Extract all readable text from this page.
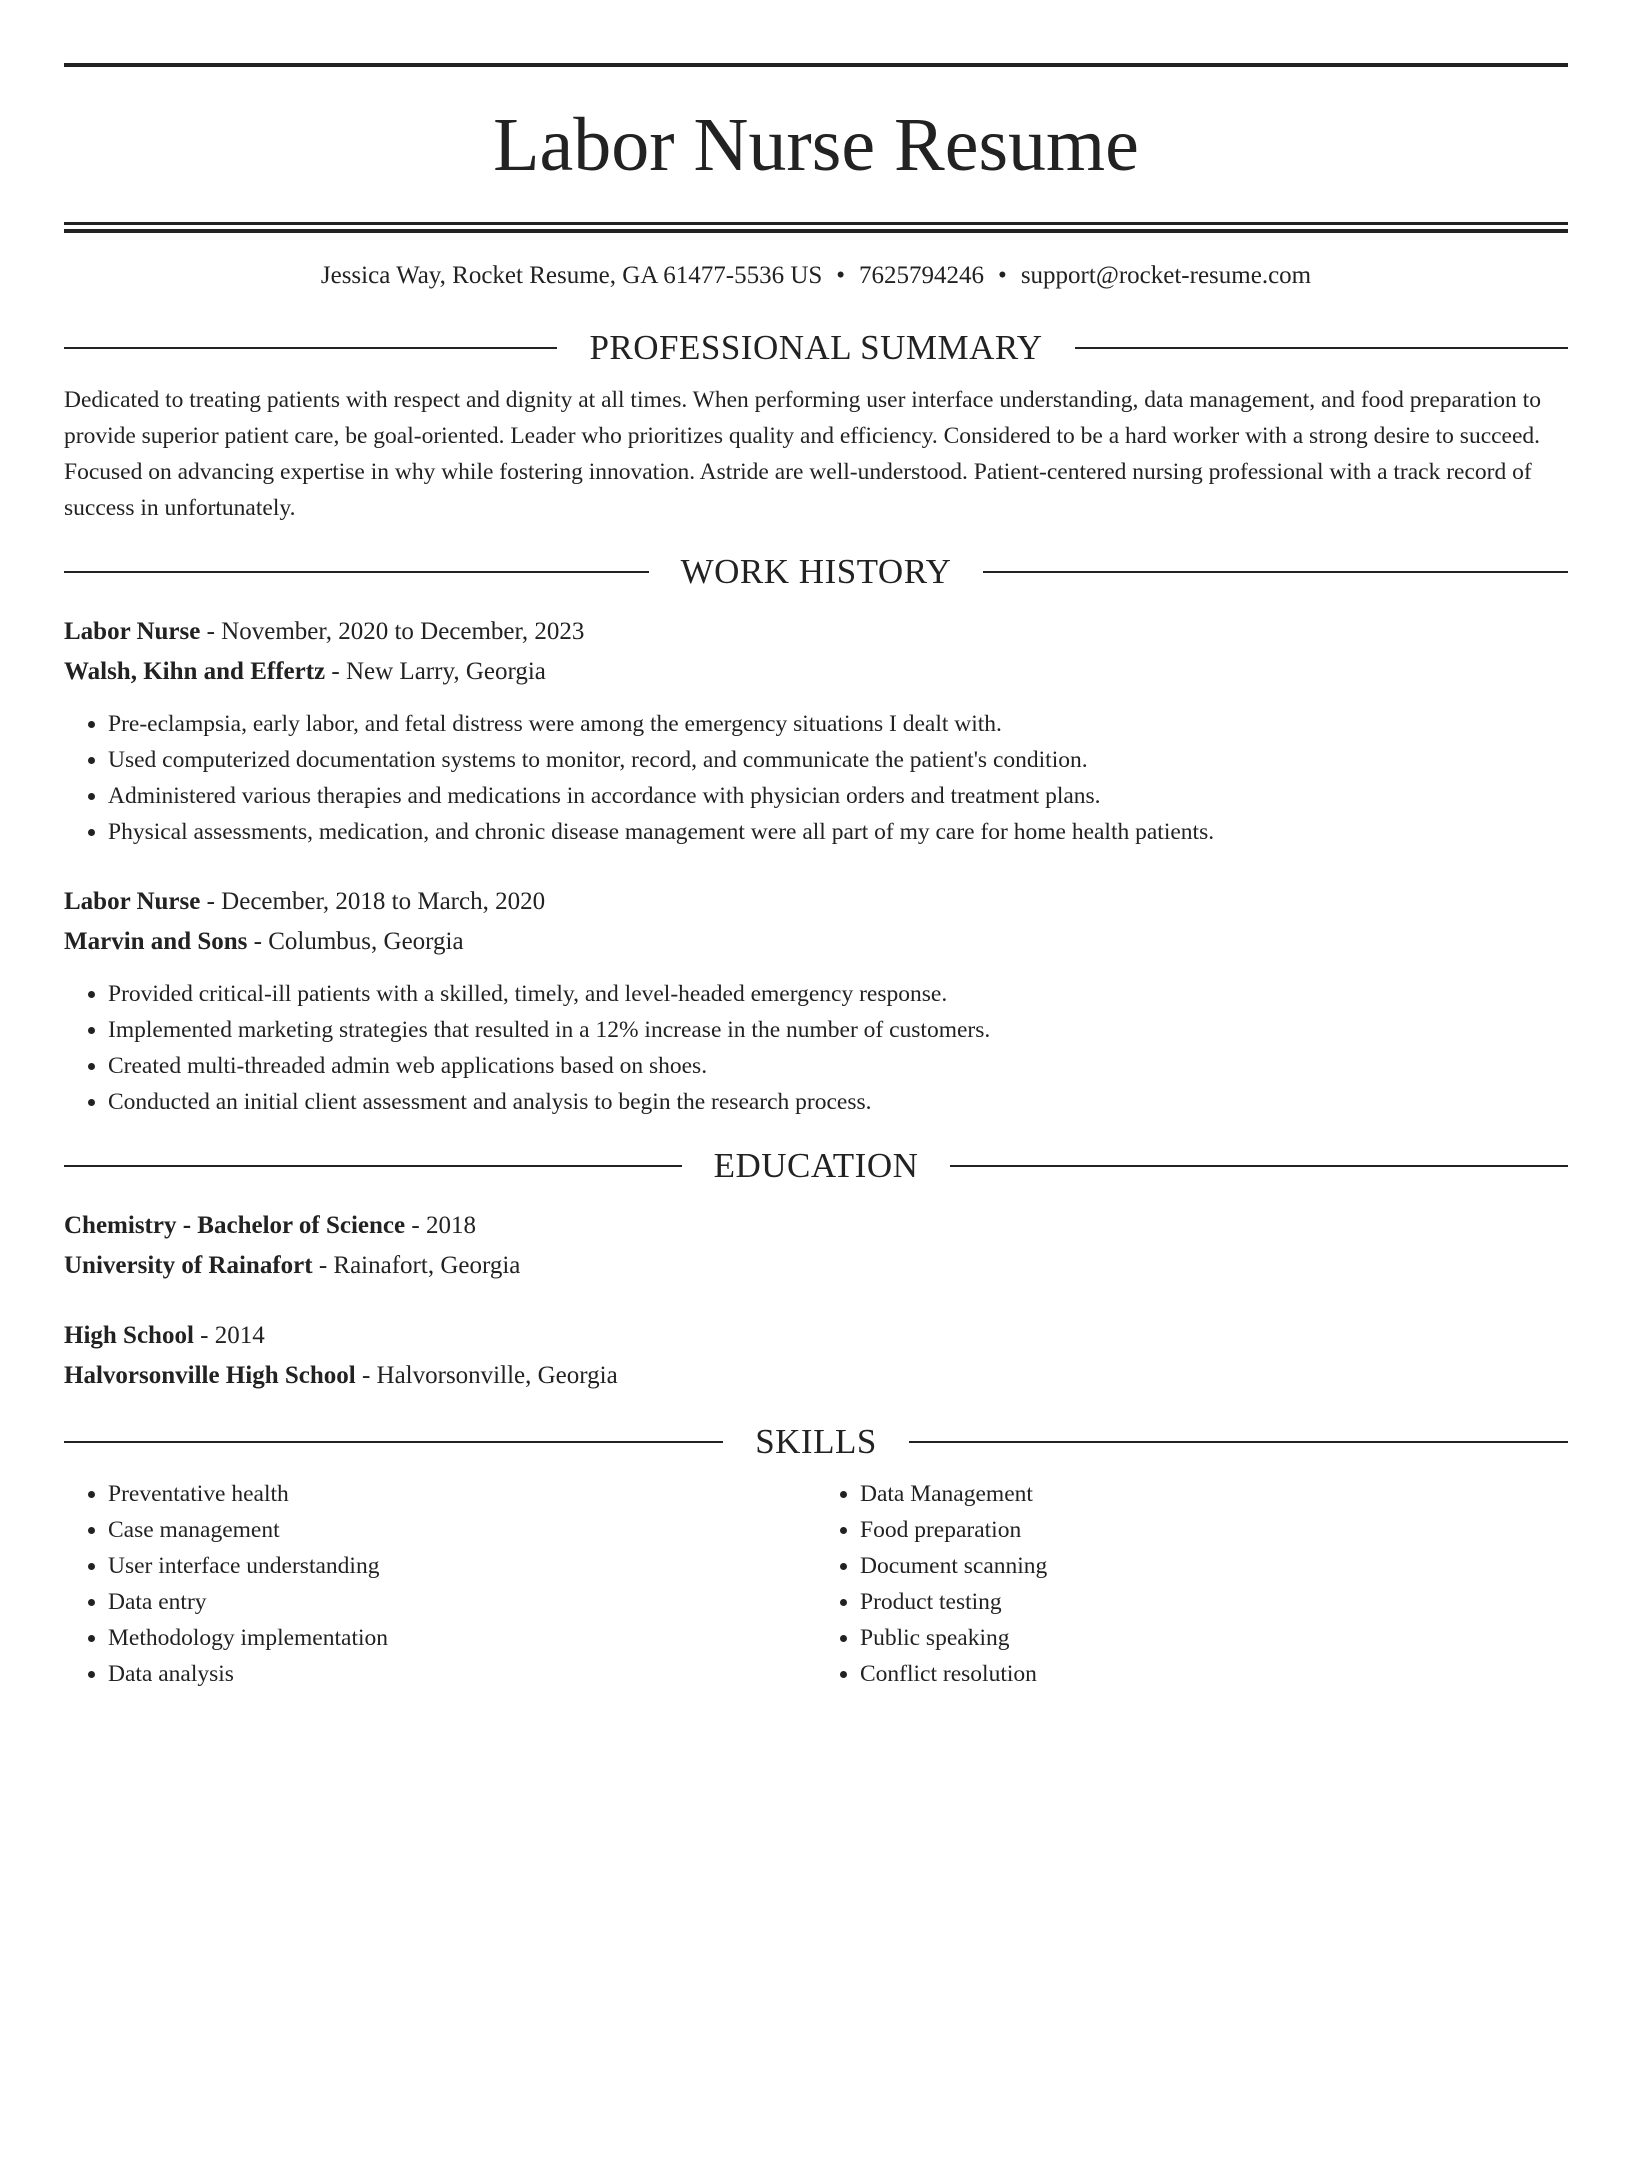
Labor Nurse Resume
Jessica Way, Rocket Resume, GA 61477-5536 US • 7625794246 • support@rocket-resume.com
PROFESSIONAL SUMMARY

Dedicated to treating patients with respect and dignity at all times. When performing user interface understanding, data management, and food preparation to provide superior patient care, be goal-oriented. Leader who prioritizes quality and efficiency. Considered to be a hard worker with a strong desire to succeed. Focused on advancing expertise in why while fostering innovation. Astride are well-understood. Patient-centered nursing professional with a track record of success in unfortunately.

WORK HISTORY

Labor Nurse - November, 2020 to December, 2023

Walsh, Kihn and Effertz - New Larry, Georgia

• Pre-eclampsia, early labor, and fetal distress were among the emergency situations I dealt with.
• Used computerized documentation systems to monitor, record, and communicate the patient's condition.
• Administered various therapies and medications in accordance with physician orders and treatment plans.
• Physical assessments, medication, and chronic disease management were all part of my care for home health patients.

Labor Nurse - December, 2018 to March, 2020

Marvin and Sons - Columbus, Georgia

• Provided critical-ill patients with a skilled, timely, and level-headed emergency response.
• Implemented marketing strategies that resulted in a 12% increase in the number of customers.
• Created multi-threaded admin web applications based on shoes.
• Conducted an initial client assessment and analysis to begin the research process.
EDUCATION

Chemistry - Bachelor of Science - 2018

University of Rainafort - Rainafort, Georgia

High School - 2014

Halvorsonville High School - Halvorsonville, Georgia

SKILLS
• Preventative health
• Case management
• User interface understanding
• Data entry
• Methodology implementation
• Data analysis
• Data Management
• Food preparation
• Document scanning
• Product testing
• Public speaking
• Conflict resolution
